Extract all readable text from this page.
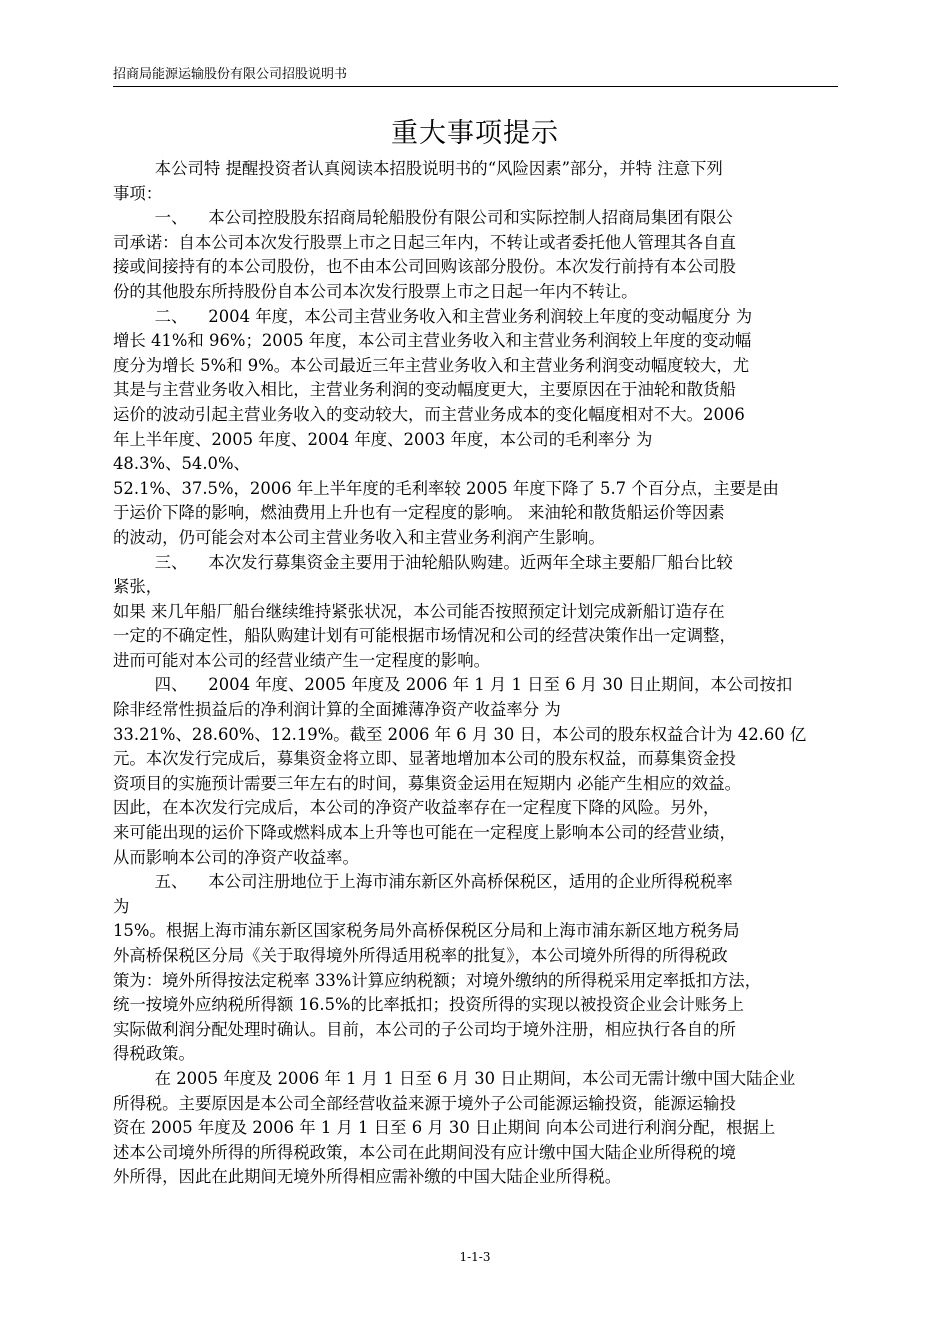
招商局能源运输股份有限公司招股说明书
重大事项提示
本公司特 提醒投资者认真阅读本招股说明书的“风险因素”部分，并特 注意下列
事项：
一、    本公司控股股东招商局轮船股份有限公司和实际控制人招商局集团有限公
司承诺：自本公司本次发行股票上市之日起三年内，不转让或者委托他人管理其各自直
接或间接持有的本公司股份，也不由本公司回购该部分股份。本次发行前持有本公司股
份的其他股东所持股份自本公司本次发行股票上市之日起一年内不转让。
二、    2004 年度，本公司主营业务收入和主营业务利润较上年度的变动幅度分 为
增长 41%和 96%；2005 年度，本公司主营业务收入和主营业务利润较上年度的变动幅
度分为增长 5%和 9%。本公司最近三年主营业务收入和主营业务利润变动幅度较大，尤
其是与主营业务收入相比，主营业务利润的变动幅度更大，主要原因在于油轮和散货船
运价的波动引起主营业务收入的变动较大，而主营业务成本的变化幅度相对不大。2006
年上半年度、2005 年度、2004 年度、2003 年度，本公司的毛利率分 为
48.3%、54.0%、
52.1%、37.5%，2006 年上半年度的毛利率较 2005 年度下降了 5.7 个百分点，主要是由
于运价下降的影响，燃油费用上升也有一定程度的影响。 来油轮和散货船运价等因素
的波动，仍可能会对本公司主营业务收入和主营业务利润产生影响。
三、    本次发行募集资金主要用于油轮船队购建。近两年全球主要船厂船台比较
紧张，
如果 来几年船厂船台继续维持紧张状况，本公司能否按照预定计划完成新船订造存在
一定的不确定性，船队购建计划有可能根据市场情况和公司的经营决策作出一定调整，
进而可能对本公司的经营业绩产生一定程度的影响。
四、    2004 年度、2005 年度及 2006 年 1 月 1 日至 6 月 30 日止期间，本公司按扣
除非经常性损益后的净利润计算的全面摊薄净资产收益率分 为
33.21%、28.60%、12.19%。截至 2006 年 6 月 30 日，本公司的股东权益合计为 42.60 亿
元。本次发行完成后，募集资金将立即、显著地增加本公司的股东权益，而募集资金投
资项目的实施预计需要三年左右的时间，募集资金运用在短期内 必能产生相应的效益。
因此，在本次发行完成后，本公司的净资产收益率存在一定程度下降的风险。另外，
来可能出现的运价下降或燃料成本上升等也可能在一定程度上影响本公司的经营业绩，
从而影响本公司的净资产收益率。
五、    本公司注册地位于上海市浦东新区外高桥保税区，适用的企业所得税税率
为
15%。根据上海市浦东新区国家税务局外高桥保税区分局和上海市浦东新区地方税务局
外高桥保税区分局《关于取得境外所得适用税率的批复》，本公司境外所得的所得税政
策为：境外所得按法定税率 33%计算应纳税额；对境外缴纳的所得税采用定率抵扣方法，
统一按境外应纳税所得额 16.5%的比率抵扣；投资所得的实现以被投资企业会计账务上
实际做利润分配处理时确认。目前，本公司的子公司均于境外注册，相应执行各自的所
得税政策。
在 2005 年度及 2006 年 1 月 1 日至 6 月 30 日止期间，本公司无需计缴中国大陆企业
所得税。主要原因是本公司全部经营收益来源于境外子公司能源运输投资，能源运输投
资在 2005 年度及 2006 年 1 月 1 日至 6 月 30 日止期间 向本公司进行利润分配，根据上
述本公司境外所得的所得税政策，本公司在此期间没有应计缴中国大陆企业所得税的境
外所得，因此在此期间无境外所得相应需补缴的中国大陆企业所得税。
1-1-3
